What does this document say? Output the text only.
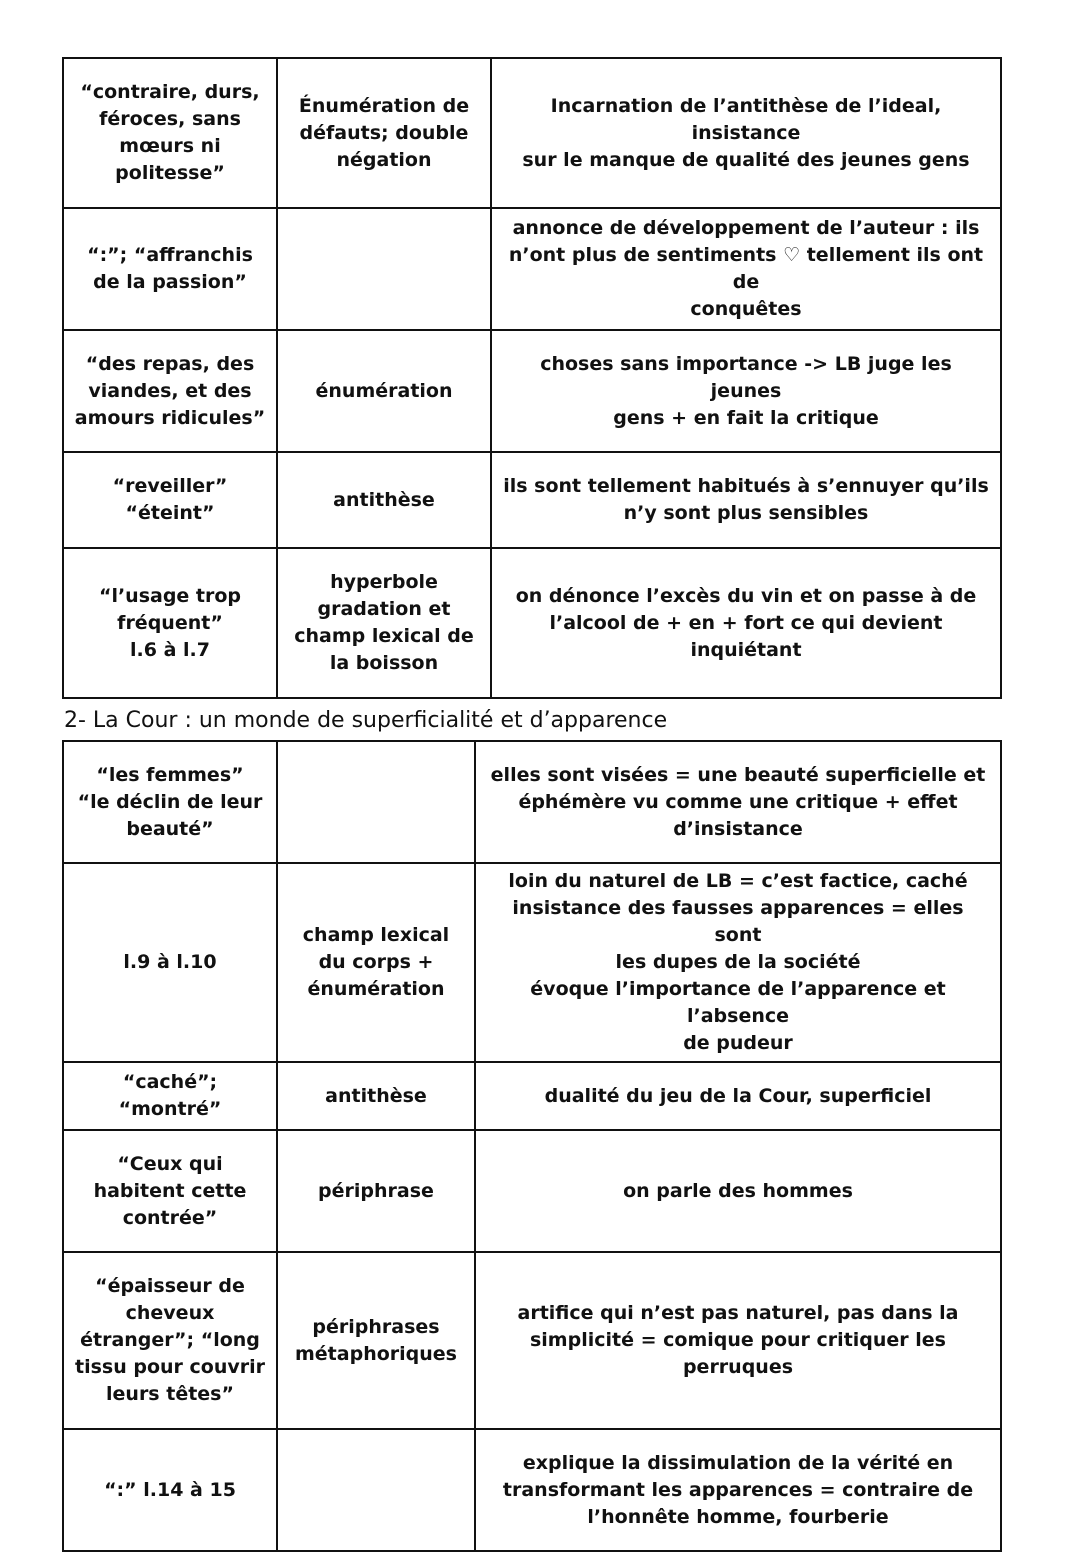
“contraire, durs,
féroces, sans
mœurs ni
politesse”	Énumération de
défauts; double
négation	Incarnation de l’antithèse de l’ideal, insistance
sur le manque de qualité des jeunes gens
“:”; “affranchis
de la passion”		annonce de développement de l’auteur : ils
n’ont plus de sentiments ♡ tellement ils ont de
conquêtes
“des repas, des
viandes, et des
amours ridicules”	énumération	choses sans importance -> LB juge les jeunes
gens + en fait la critique
“reveiller”
“éteint”	antithèse	ils sont tellement habitués à s’ennuyer qu’ils
n’y sont plus sensibles
“l’usage trop
fréquent”
l.6 à l.7	hyperbole
gradation et
champ lexical de
la boisson	on dénonce l’excès du vin et on passe à de
l’alcool de + en + fort ce qui devient inquiétant
2- La Cour : un monde de superficialité et d’apparence
“les femmes”
“le déclin de leur
beauté”		elles sont visées = une beauté superficielle et
éphémère vu comme une critique + effet
d’insistance
l.9 à l.10	champ lexical
du corps +
énumération	loin du naturel de LB = c’est factice, caché
insistance des fausses apparences = elles sont
les dupes de la société
évoque l’importance de l’apparence et l’absence
de pudeur
“caché”; “montré”	antithèse	dualité du jeu de la Cour, superficiel
“Ceux qui
habitent cette
contrée”	périphrase	on parle des hommes
“épaisseur de
cheveux
étranger”; “long
tissu pour couvrir
leurs têtes”	périphrases
métaphoriques	artifice qui n’est pas naturel, pas dans la
simplicité = comique pour critiquer les
perruques
“:” l.14 à 15		explique la dissimulation de la vérité en
transformant les apparences = contraire de
l’honnête homme, fourberie
